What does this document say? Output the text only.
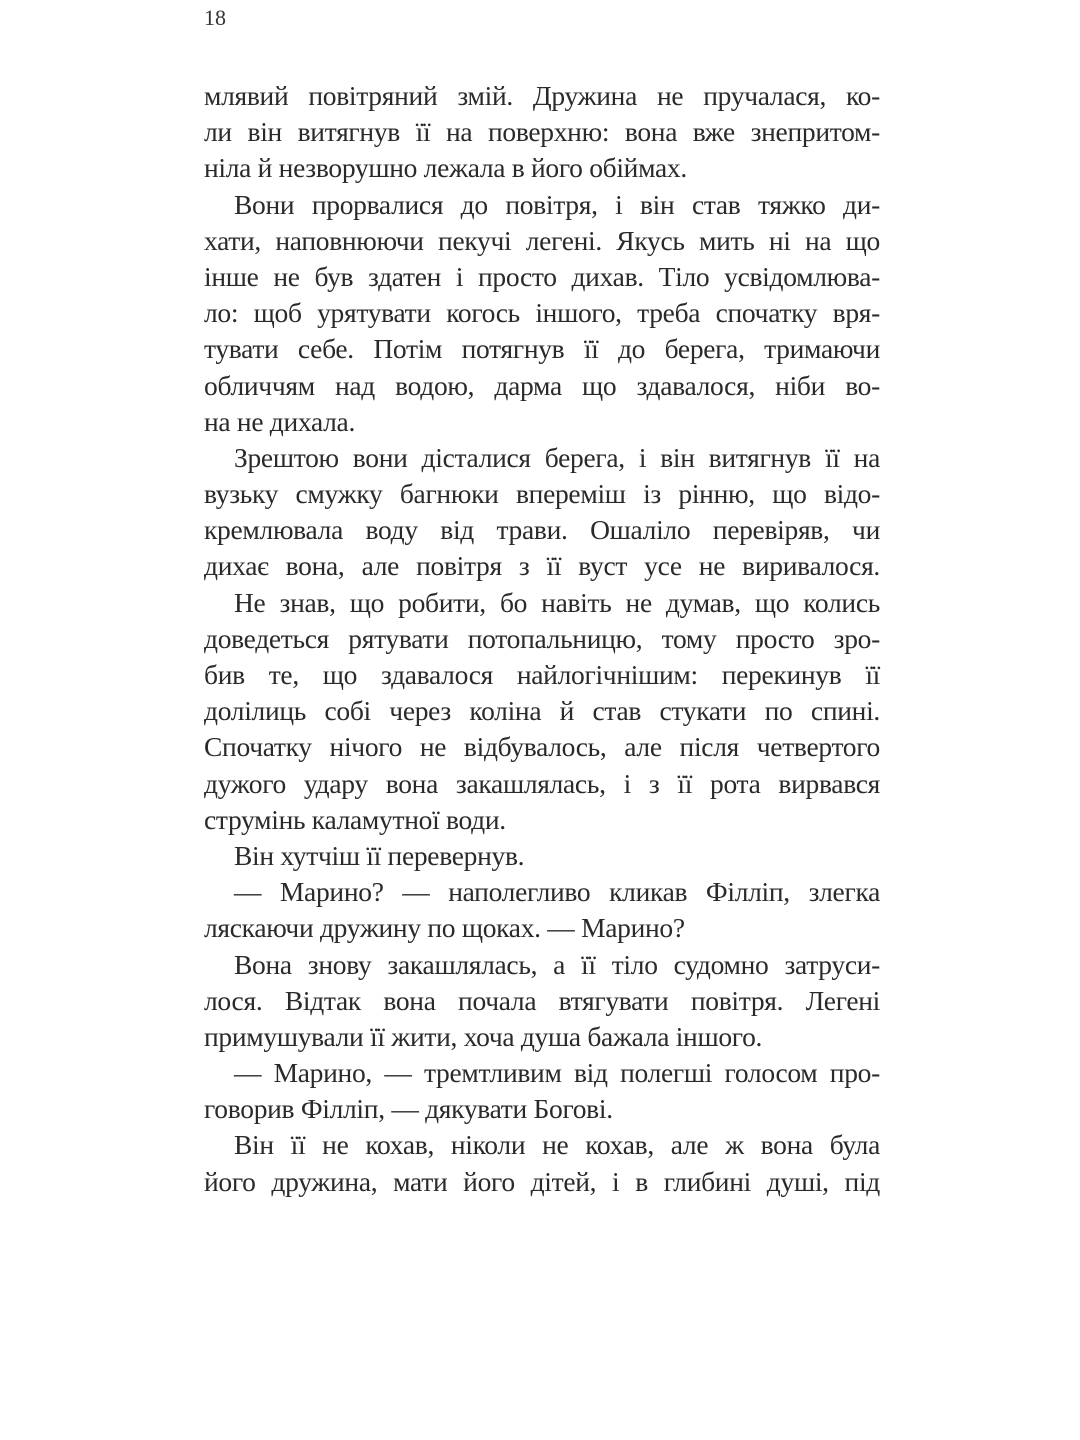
18
млявий повітряний змій. Дружина не пручалася, ко-
ли він витягнув її на поверхню: вона вже знепритом-
ніла й незворушно лежала в його обіймах.
Вони прорвалися до повітря, і він став тяжко ди-
хати, наповнюючи пекучі легені. Якусь мить ні на що
інше не був здатен і просто дихав. Тіло усвідомлюва-
ло: щоб урятувати когось іншого, треба спочатку вря-
тувати себе. Потім потягнув її до берега, тримаючи
обличчям над водою, дарма що здавалося, ніби во-
на не дихала.
Зрештою вони дісталися берега, і він витягнув її на
вузьку смужку багнюки впереміш із рінню, що відо-
кремлювала воду від трави. Ошаліло перевіряв, чи
дихає вона, але повітря з її вуст усе не виривалося.
Не знав, що робити, бо навіть не думав, що колись
доведеться рятувати потопальницю, тому просто зро-
бив те, що здавалося найлогічнішим: перекинув її
долілиць собі через коліна й став стукати по спині.
Спочатку нічого не відбувалось, але після четвертого
дужого удару вона закашлялась, і з її рота вирвався
струмінь каламутної води.
Він хутчіш її перевернув.
— Марино? — наполегливо кликав Філліп, злегка
ляскаючи дружину по щоках. — Марино?
Вона знову закашлялась, а її тіло судомно затруси-
лося. Відтак вона почала втягувати повітря. Легені
примушували її жити, хоча душа бажала іншого.
— Марино, — тремтливим від полегші голосом про-
говорив Філліп, — дякувати Богові.
Він її не кохав, ніколи не кохав, але ж вона була
його дружина, мати його дітей, і в глибині душі, під
